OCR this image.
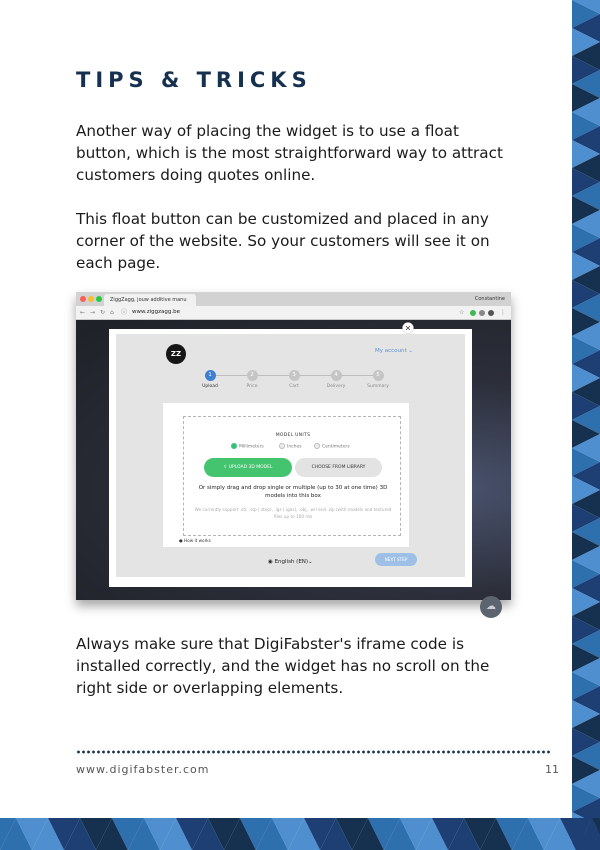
TIPS & TRICKS

Another way of placing the widget is to use a float button, which is the most straightforward way to attract customers doing quotes online.

This float button can be customized and placed in any corner of the website. So your customers will see it on each page.

ZiggZagg, jouw additive manu	Constantine
← → ↻ ⌂ ⓘ www.ziggzagg.be	☆	⋮
☁
ZZ	My account ⌄
1
Upload
2
Price
3
Cart
4
Delivery
5
Summary
MODEL UNITS
Millimeters	Inches	Centimeters
⇧ UPLOAD 3D MODEL	CHOOSE FROM LIBRARY
Or simply drag and drop single or multiple (up to 30 at one time) 3D models into this box
We currently support .stl, .stp (.step), .igs (.iges), .obj, .wrl and .zip (with models and textured files up to 100 mb
● How it works
◉ English (EN)⌄	NEXT STEP
×

Always make sure that DigiFabster's iframe code is installed correctly, and the widget has no scroll on the right side or overlapping elements.

www.digifabster.com	11
